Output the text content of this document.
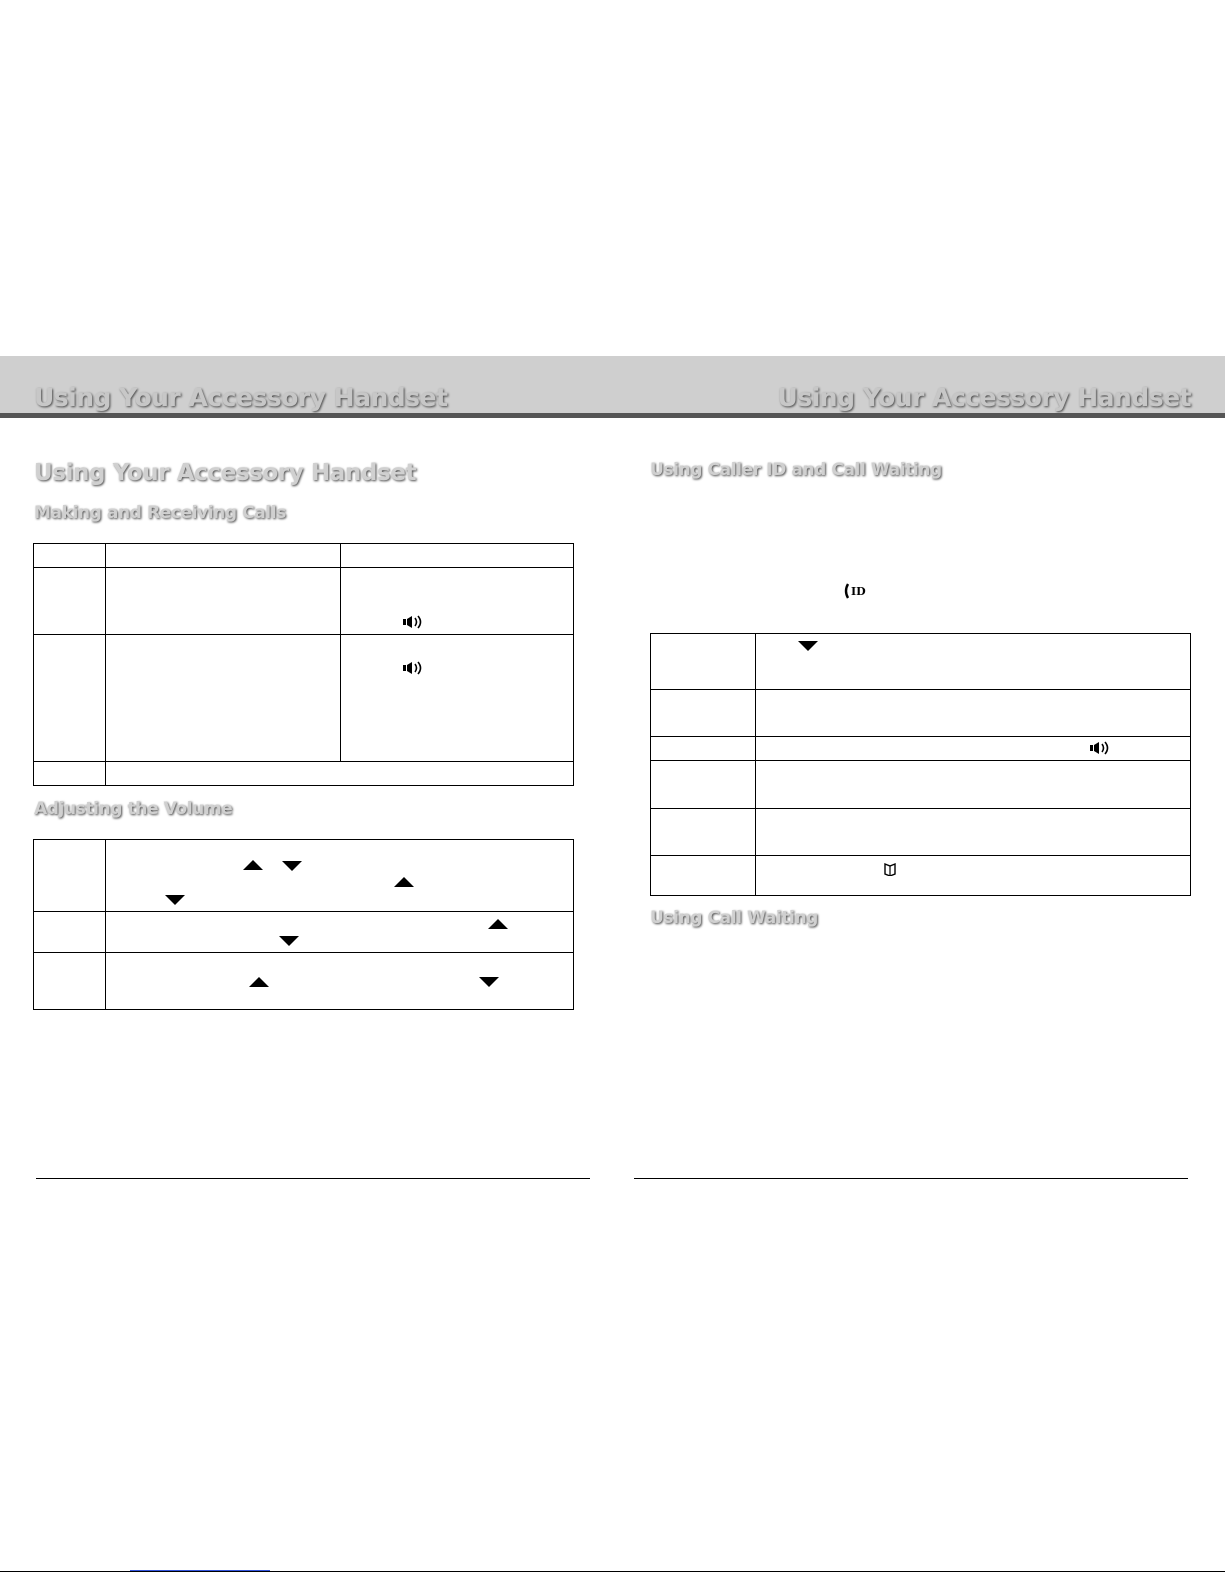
Using Your Accessory Handset	Using Your Accessory Handset
Using Your Accessory Handset
Making and Receiving Calls
Adjusting the Volume
Using Caller ID and Call Waiting
ID
Using Call Waiting
